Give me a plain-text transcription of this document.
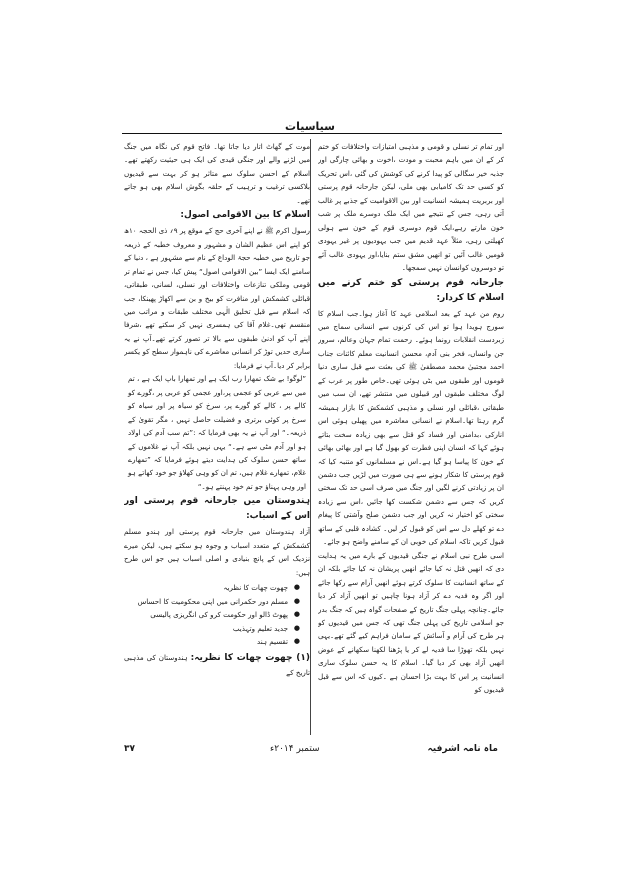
سیاسیات

اور تمام تر نسلی و قومی و مذہبی امتیازات واختلافات کو ختم کر کے ان میں باہم محبت و مودت ،اخوت و بھائی چارگی اور جذبہ خیر سگالی کو پیدا کرنے کی کوشش کی گئی ،اس تحریک کو کسی حد تک کامیابی بھی ملی، لیکن جارحانہ قوم پرستی اور بربریت ہمیشہ انسانیت اور بین الاقوامیت کے جذبے پر غالب آتی رہی، جس کے نتیجے میں ایک ملک دوسرے ملک پر شب خون مارتے رہے،ایک قوم دوسری قوم کے خون سے ہولی کھیلتی رہی، مثلاً عہد قدیم میں جب یہودیوں پر غیر یہودی قومیں غالب آئیں تو انھیں مشق ستم بنایا،اور یہودی غالب آئے تو دوسروں کوانسان نہیں سمجھا۔

جارحانہ قوم پرستی کو ختم کرنے میں اسلام کا کردار:

روم من عہد کے بعد اسلامی عہد کا آغاز ہوا۔جب اسلام کا سورج ہویدا ہوا تو اس کی کرنوں سے انسانی سماج میں زبردست انقلابات رونما ہوئے۔ رحمت تمام جہان وعالم، سرور جن وانساں، فخر بنی آدم، محسن انسانیت معلم کائنات جناب احمد مجتبیٰ محمد مصطفیٰ ﷺ کی بعثت سے قبل ساری دنیا قوموں اور طبقوں میں بٹی ہوئی تھی۔خاص طور پر عرب کے لوگ مختلف طبقوں اور قبیلوں میں منتشر تھے، ان سب میں طبقاتی ،قبائلی اور نسلی و مذہبی کشمکش کا بازار ہمیشہ گرم رہتا تھا۔اسلام نے انسانی معاشرہ میں پھیلی ہوئی اس انارکی ،بدامنی اور فساد کو قتل سے بھی زیادہ سخت بتاتے ہوئے کہا کہ انسان اپنی فطرت کو بھول گیا ہے اور بھائی بھائی کے خون کا پیاسا ہو گیا ہے۔اس نے مسلمانوں کو متنبہ کیا کہ قوم پرستی کا شکار ہونے سے ہی صورت میں لڑیں جب دشمن ان پر زیادتی کرنے لگیں اور جنگ میں صرف اسی حد تک سختی کریں کہ جس سے دشمن شکست کھا جائیں ،اس سے زیادہ سختی کو اختیار نہ کریں اور جب دشمن صلح وآشتی کا پیغام دے تو کھلے دل سے اس کو قبول کر لیں۔ کشادہ قلبی کے ساتھ قبول کریں تاکہ اسلام کی خوبی ان کے سامنے واضح ہو جائے۔

اسی طرح نبی اسلام نے جنگی قیدیوں کے بارے میں یہ ہدایت دی کہ انھیں قتل نہ کیا جائے انھیں پریشان نہ کیا جائے بلکہ ان کے ساتھ انسانیت کا سلوک کرتے ہوئے انھیں آرام سے رکھا جائے اور اگر وہ فدیہ دے کر آزاد ہونا چاہیں تو انھیں آزاد کر دیا جائے۔چنانچہ پہلی جنگ تاریخ کے صفحات گواہ ہیں کہ جنگ بدر جو اسلامی تاریخ کی پہلی جنگ تھی کہ جس میں قیدیوں کو ہر طرح کی آرام و آسائش کے سامان فراہم کیے گئے تھے۔یہی نہیں بلکہ تھوڑا سا فدیہ لے کر یا پڑھنا لکھنا سکھانے کے عوض انھیں آزاد بھی کر دیا گیا۔ اسلام کا یہ حسن سلوک ساری انسانیت پر اس کا بہت بڑا احسان ہے ۔کیوں کہ اس سے قبل قیدیوں کو

موت کے گھاٹ اتار دیا جاتا تھا۔ فاتح قوم کی نگاہ میں جنگ میں لڑنے والے اور جنگی قیدی کی ایک ہی حیثیت رکھتے تھے۔اسلام کے احسن سلوک سے متاثر ہو کر بہت سے قیدیوں بلاکسی ترغیب و ترہیب کے حلقہ بگوش اسلام بھی ہو جاتے تھے۔

اسلام کا بین الاقوامی اصول:

رسول اکرم ﷺ نے اپنے آخری حج کے موقع پر ۹؍ ذی الحجہ ۱۰ھ کو اپنے اس عظیم الشان و مشہور و معروف خطبہ کے ذریعہ جو تاریخ میں خطبہ حجۃ الوداع کے نام سے مشہور ہے ، دنیا کے سامنے ایک ایسا ”بین الاقوامی اصول“ پیش کیا، جس نے تمام تر قومی وملکی تنازعات واختلافات اور نسلی، لسانی، طبقاتی، قبائلی کشمکش اور منافرت کو بیخ و بن سے اکھاڑ پھینکا، جب کہ اسلام سے قبل تخلیق الٰہی مختلف طبقات و مراتب میں منقسم تھی۔غلام آقا کی ہمسری نہیں کر سکتے تھے ،شرفا اپنے آپ کو ادنیٰ طبقوں سے بالا تر تصور کرتے تھے۔آپ نے یہ ساری حدیں توڑ کر انسانی معاشرے کی ناہموار سطح کو یکسر برابر کر دیا۔آپ نے فرمایا:

”لوگو! بے شک تمھارا رب ایک ہے اور تمھارا باپ ایک ہے ، تم میں سے عربی کو عجمی پر،اور عجمی کو عربی پر ،گورے کو کالے پر ، کالے کو گورے پر، سرخ کو سیاہ پر اور سیاہ کو سرخ پر کوئی برتری و فضیلت حاصل نہیں ، مگر تقویٰ کے ذریعہ۔“ اور آپ نے یہ بھی فرمایا کہ :”تم سب آدم کی اولاد ہو اور آدم مٹی سے ہے۔“ یہی نہیں بلکہ آپ نے غلاموں کے ساتھ حسن سلوک کی ہدایت دیتے ہوئے فرمایا کہ ”تمھارے غلام، تمھارے غلام ہیں، تم ان کو وہی کھلاؤ جو خود کھاتے ہو اور وہی پہناؤ جو تم خود پہنتے ہو۔“

ہندوستان میں جارحانہ قوم پرستی اور اس کے اسباب:

آزاد ہندوستان میں جارحانہ قوم پرستی اور ہندو مسلم کشمکش کے متعدد اسباب و وجوہ ہو سکتے ہیں، لیکن میرے نزدیک اس کے پانچ بنیادی و اصلی اسباب ہیں جو اس طرح ہیں:

● چھوت چھات کا نظریہ
● مسلم دور حکمرانی میں اپنی محکومیت کا احساس
● پھوٹ ڈالو اور حکومت کرو کی انگریزی پالیسی
● جدید تعلیم وتہذیب
● تقسیم ہند

(۱) چھوت چھات کا نظریہ: ہندوستان کی مذہبی تاریخ کے

ماہ نامہ اشرفیہ
ستمبر ۲۰۱۴ء
۳۷
